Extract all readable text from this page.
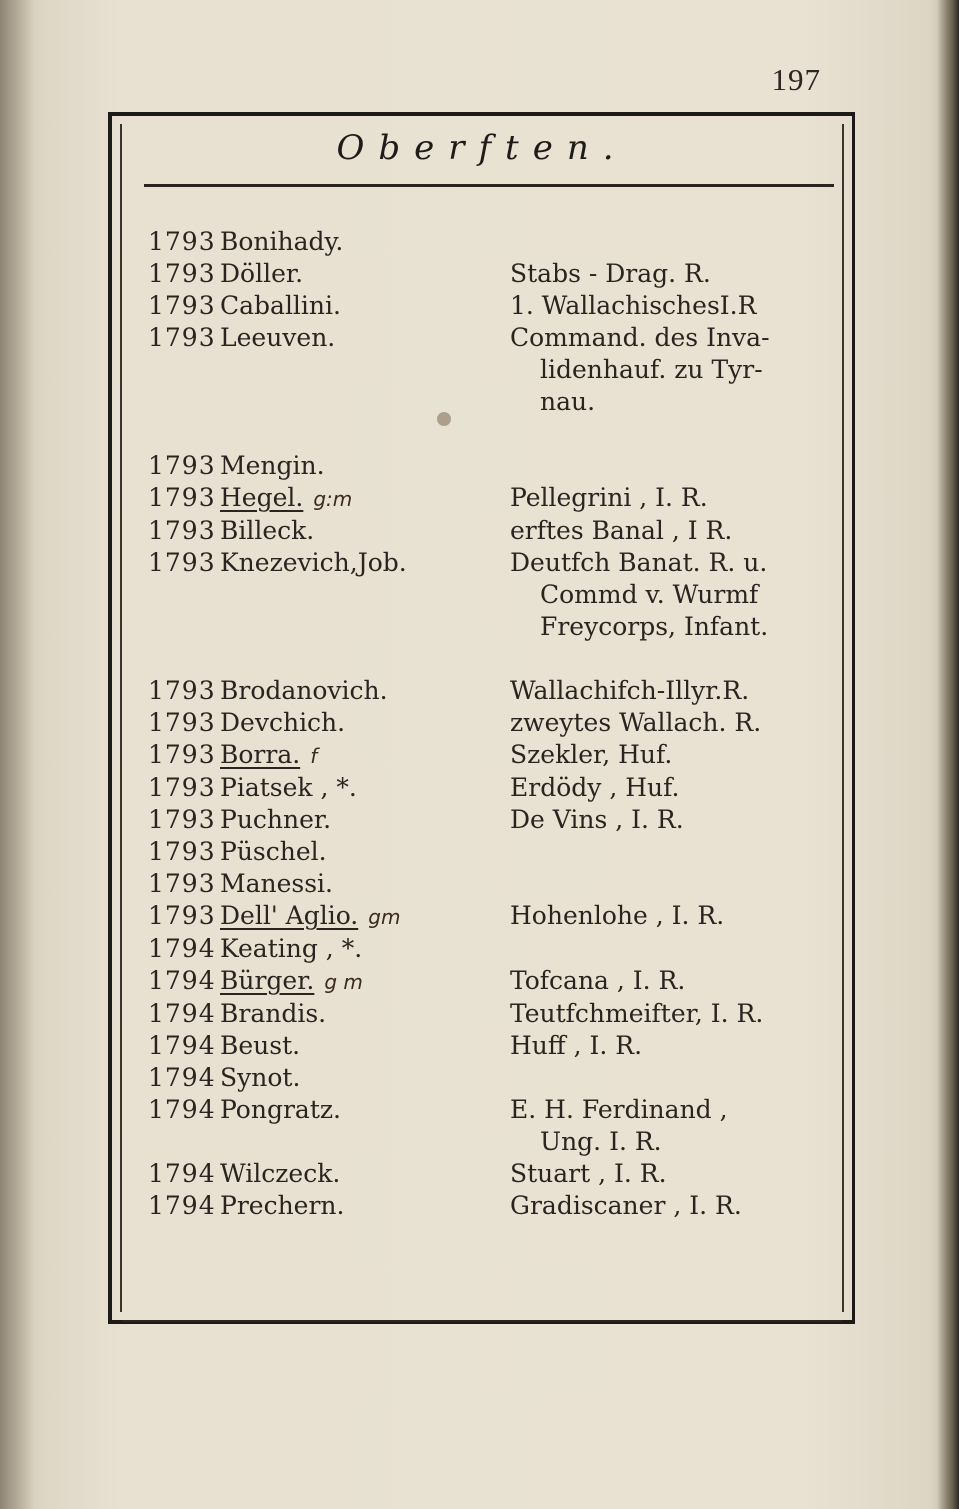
197
Oberften.
1793 Bonihady.
1793 Döller.	Stabs - Drag. R.
1793 Caballini.	1. WallachischesI.R
1793 Leeuven.	Command. des Inva-
lidenhauf. zu Tyr-
nau.
1793 Mengin.
1793 Hegel. g:m	Pellegrini , I. R.
1793 Billeck.	erftes Banal , I R.
1793 Knezevich,Job.	Deutfch Banat. R. u.
Commd v. Wurmf
Freycorps, Infant.
1793 Brodanovich.	Wallachifch-Illyr.R.
1793 Devchich.	zweytes Wallach. R.
1793 Borra. f	Szekler, Huf.
1793 Piatsek , *.	Erdödy , Huf.
1793 Puchner.	De Vins , I. R.
1793 Püschel.
1793 Manessi.
1793 Dell' Aglio. gm	Hohenlohe , I. R.
1794 Keating , *.
1794 Bürger. g m	Tofcana , I. R.
1794 Brandis.	Teutfchmeifter, I. R.
1794 Beust.	Huff , I. R.
1794 Synot.
1794 Pongratz.	E. H. Ferdinand ,
Ung. I. R.
1794 Wilczeck.	Stuart , I. R.
1794 Prechern.	Gradiscaner , I. R.
